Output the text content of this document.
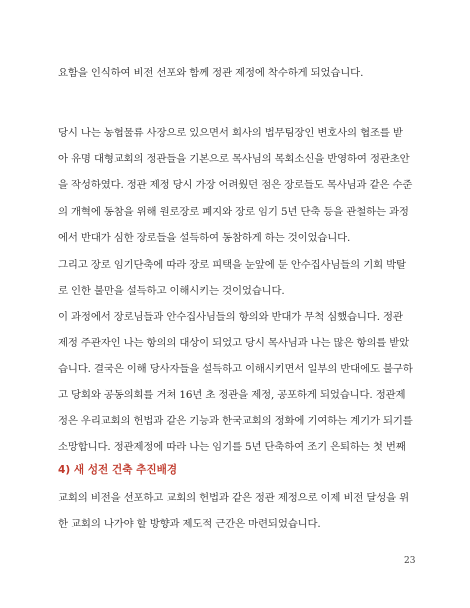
요함을 인식하여 비전 선포와 함께 정관 제정에 착수하게 되었습니다.
당시 나는 농협물류 사장으로 있으면서 회사의 법무팀장인 변호사의 협조를 받
아 유명 대형교회의 정관들을 기본으로 목사님의 목회소신을 반영하여 정관초안
을 작성하였다. 정관 제정 당시 가장 어려웠던 점은 장로들도 목사님과 같은 수준
의 개혁에 동참을 위해 원로장로 폐지와 장로 임기 5년 단축 등을 관철하는 과정
에서 반대가 심한 장로들을 설득하여 동참하게 하는 것이었습니다.
그리고 장로 임기단축에 따라 장로 피택을 눈앞에 둔 안수집사님들의 기회 박탈
로 인한 불만을 설득하고 이해시키는 것이었습니다.
이 과정에서 장로님들과 안수집사님들의 항의와 반대가 무척 심했습니다. 정관
제정 주관자인 나는 항의의 대상이 되었고 당시 목사님과 나는 많은 항의를 받았
습니다. 결국은 이해 당사자들을 설득하고 이해시키면서 일부의 반대에도 불구하
고 당회와 공동의회를 거쳐 16년 초 정관을 제정, 공포하게 되었습니다. 정관제
정은 우리교회의 헌법과 같은 기능과 한국교회의 정화에 기여하는 계기가 되기를
소망합니다. 정관제정에 따라 나는 임기를 5년 단축하여 조기 은퇴하는 첫 번째
4) 새 성전 건축 추진배경
교회의 비전을 선포하고 교회의 헌법과 같은 정관 제정으로 이제 비전 달성을 위
한 교회의 나가야 할 방향과 제도적 근간은 마련되었습니다.
23
